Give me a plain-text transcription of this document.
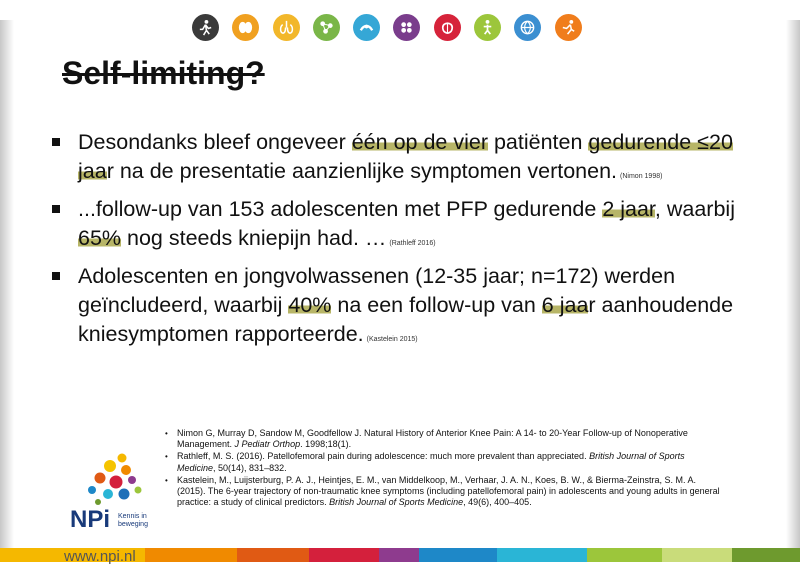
Self-limiting?
Desondanks bleef ongeveer één op de vier patiënten gedurende ≤20 jaar na de presentatie aanzienlijke symptomen vertonen. (Nimon 1998)
...follow-up van 153 adolescenten met PFP gedurende 2 jaar, waarbij 65% nog steeds kniepijn had. … (Rathleff 2016)
Adolescenten en jongvolwassenen (12-35 jaar; n=172) werden geïncludeerd, waarbij 40% na een follow-up van 6 jaar aanhoudende kniesymptomen rapporteerde. (Kastelein 2015)
NPi Kennis in beweging
• Nimon G, Murray D, Sandow M, Goodfellow J. Natural History of Anterior Knee Pain: A 14- to 20-Year Follow-up of Nonoperative Management. J Pediatr Orthop. 1998;18(1).
• Rathleff, M. S. (2016). Patellofemoral pain during adolescence: much more prevalent than appreciated. British Journal of Sports Medicine, 50(14), 831–832.
• Kastelein, M., Luijsterburg, P. A. J., Heintjes, E. M., van Middelkoop, M., Verhaar, J. A. N., Koes, B. W., & Bierma-Zeinstra, S. M. A. (2015). The 6-year trajectory of non-traumatic knee symptoms (including patellofemoral pain) in adolescents and young adults in general practice: a study of clinical predictors. British Journal of Sports Medicine, 49(6), 400–405.
www.npi.nl
